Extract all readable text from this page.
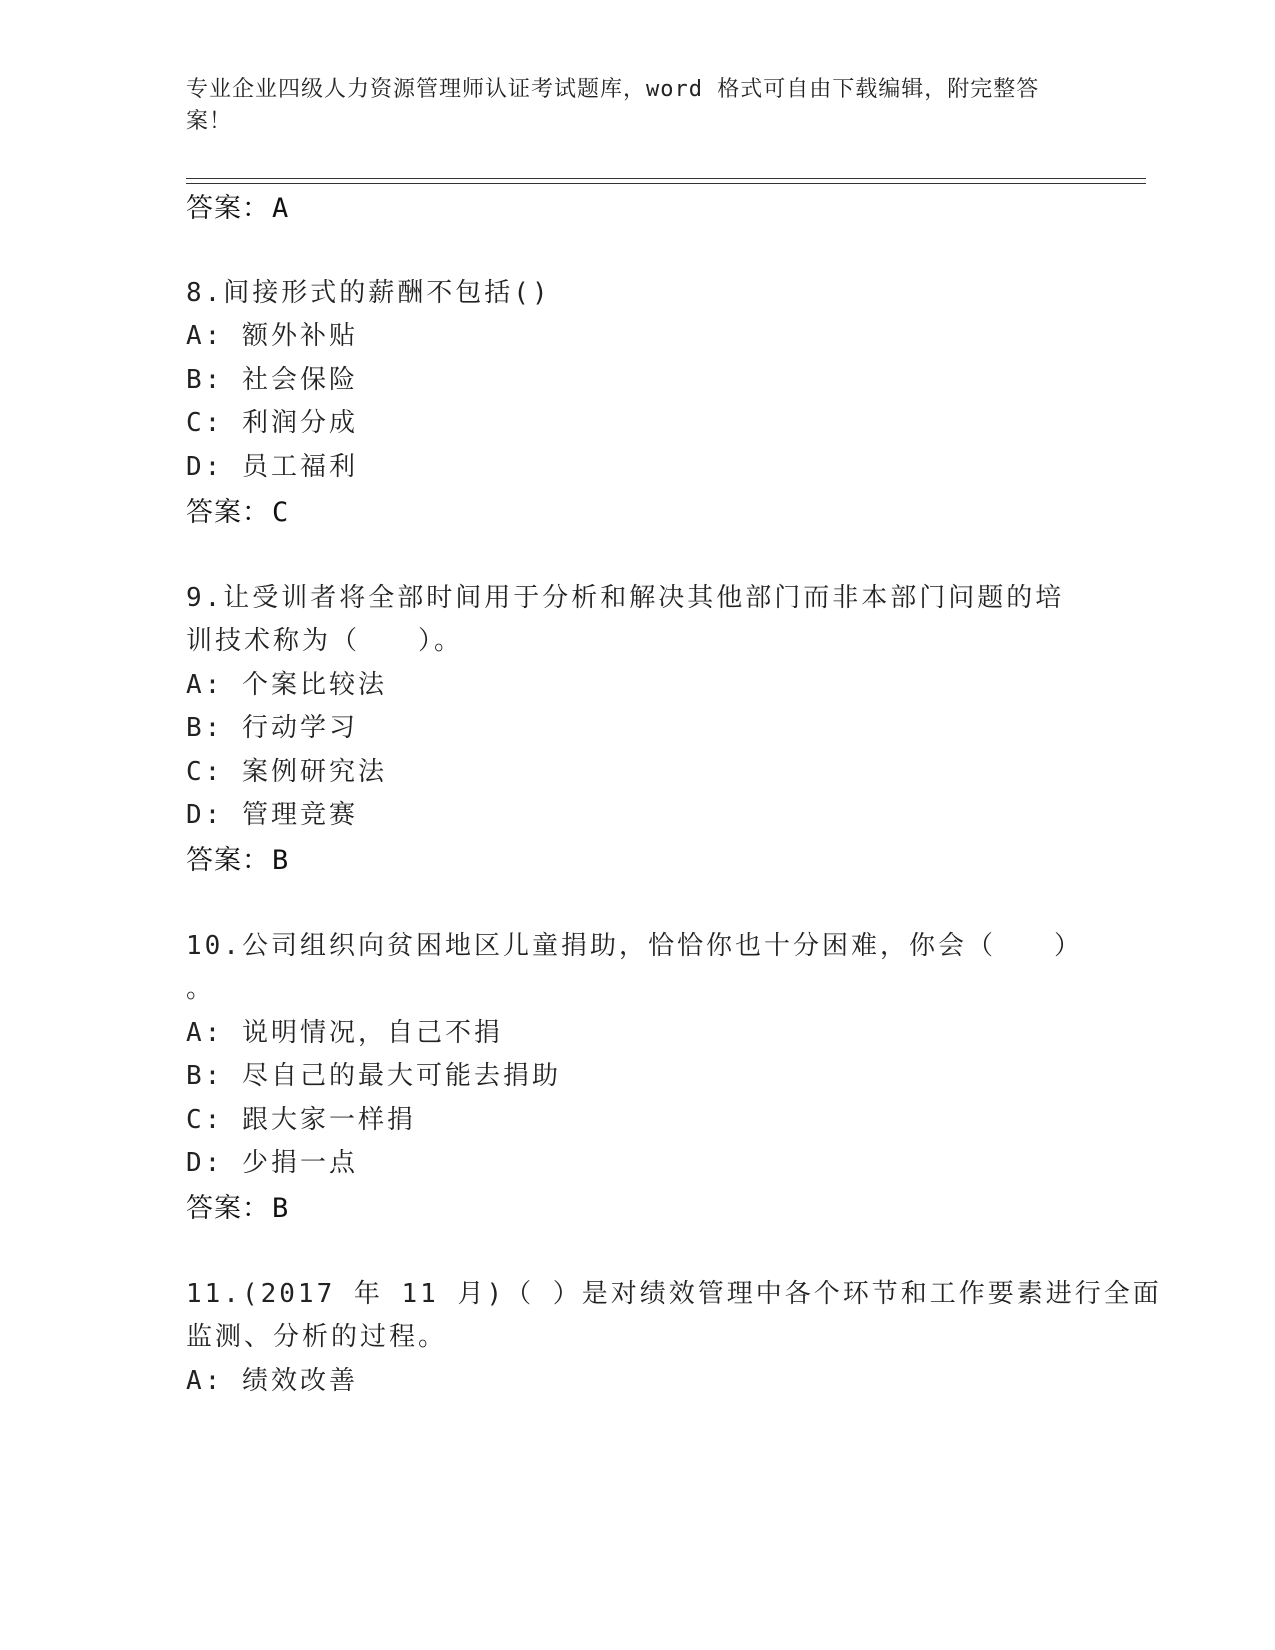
专业企业四级人力资源管理师认证考试题库，word 格式可自由下载编辑，附完整答案！
答案：A
8.间接形式的薪酬不包括()
A: 额外补贴
B: 社会保险
C: 利润分成
D: 员工福利
答案：C
9.让受训者将全部时间用于分析和解决其他部门而非本部门问题的培
训技术称为（　　）。
A: 个案比较法
B: 行动学习
C: 案例研究法
D: 管理竞赛
答案：B
10.公司组织向贫困地区儿童捐助，恰恰你也十分困难，你会（　　）
。
A: 说明情况，自己不捐
B: 尽自己的最大可能去捐助
C: 跟大家一样捐
D: 少捐一点
答案：B
11.(2017 年 11 月)（ ）是对绩效管理中各个环节和工作要素进行全面
监测、分析的过程。
A: 绩效改善
